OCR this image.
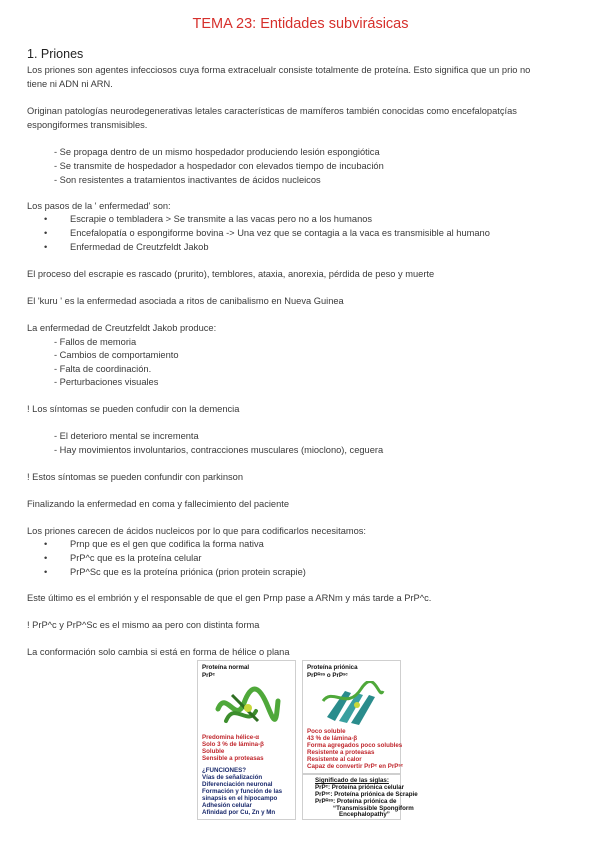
TEMA 23: Entidades subvirásicas
1. Priones
Los priones son agentes infecciosos cuya forma extracelualr consiste totalmente de proteína. Esto significa que un prio no
tiene ni ADN ni ARN.
Originan patologías neurodegenerativas letales características de mamíferos también conocidas como encefalopatçías
espongiformes transmisibles.
- Se propaga dentro de un mismo hospedador produciendo lesión espongiótica
- Se transmite de hospedador a hospedador con elevados tiempo de incubación
- Son resistentes a tratamientos inactivantes de ácidos nucleicos
Los pasos de la ' enfermedad' son:
• Escrapie o tembladera > Se transmite a las vacas pero no a los humanos
• Encefalopatía o espongiforme bovina -> Una vez que se contagia a la vaca es transmisible al humano
• Enfermedad de Creutzfeldt Jakob
El proceso del escrapie es rascado (prurito), temblores, ataxia, anorexia, pérdida de peso y muerte
El 'kuru ' es la enfermedad asociada a ritos de canibalismo en Nueva Guinea
La enfermedad de Creutzfeldt Jakob produce:
- Fallos de memoria
- Cambios de comportamiento
- Falta de coordinación.
- Perturbaciones visuales
! Los síntomas se pueden confudir con la demencia
- El deterioro mental se incrementa
- Hay movimientos involuntarios, contracciones musculares (mioclono), ceguera
! Estos síntomas se pueden confundir con parkinson
Finalizando la enfermedad en coma y fallecimiento del paciente
Los priones carecen de ácidos nucleicos por lo que para codificarlos necesitamos:
• Prnp que es el gen que codifica la forma nativa
• PrP^c que es la proteína celular
• PrP^Sc que es la proteína priónica (prion protein scrapie)
Este último es el embrión y el responsable de que el gen Prnp pase a ARNm y más tarde a PrP^c.
! PrP^c y PrP^Sc es el mismo aa pero con distinta forma
La conformación solo cambia si está en forma de hélice o plana
Proteína normal
PrPᶜ
Predomina hélice-α
Solo 3 % de lámina-β
Soluble
Sensible a proteasas
¿FUNCIONES?
Vías de señalización
Diferenciación neuronal
Formación y función de las
sinapsis en el hipocampo
Adhesión celular
Afinidad por Cu, Zn y Mn
Proteína priónica
PrPᴿᵉˢ o PrPˢᶜ
Poco soluble
43 % de lámina-β
Forma agregados poco solubles
Resistente a proteasas
Resistente al calor
Capaz de convertir PrPᶜ en PrPˢᶜ
Significado de las siglas:
PrPᶜ: Proteína priónica celular
PrPˢᶜ: Proteína priónica de Scrapie
PrPᴿᵉˢ: Proteína priónica de
“Transmissible Spongiform
Encephalopathy”
